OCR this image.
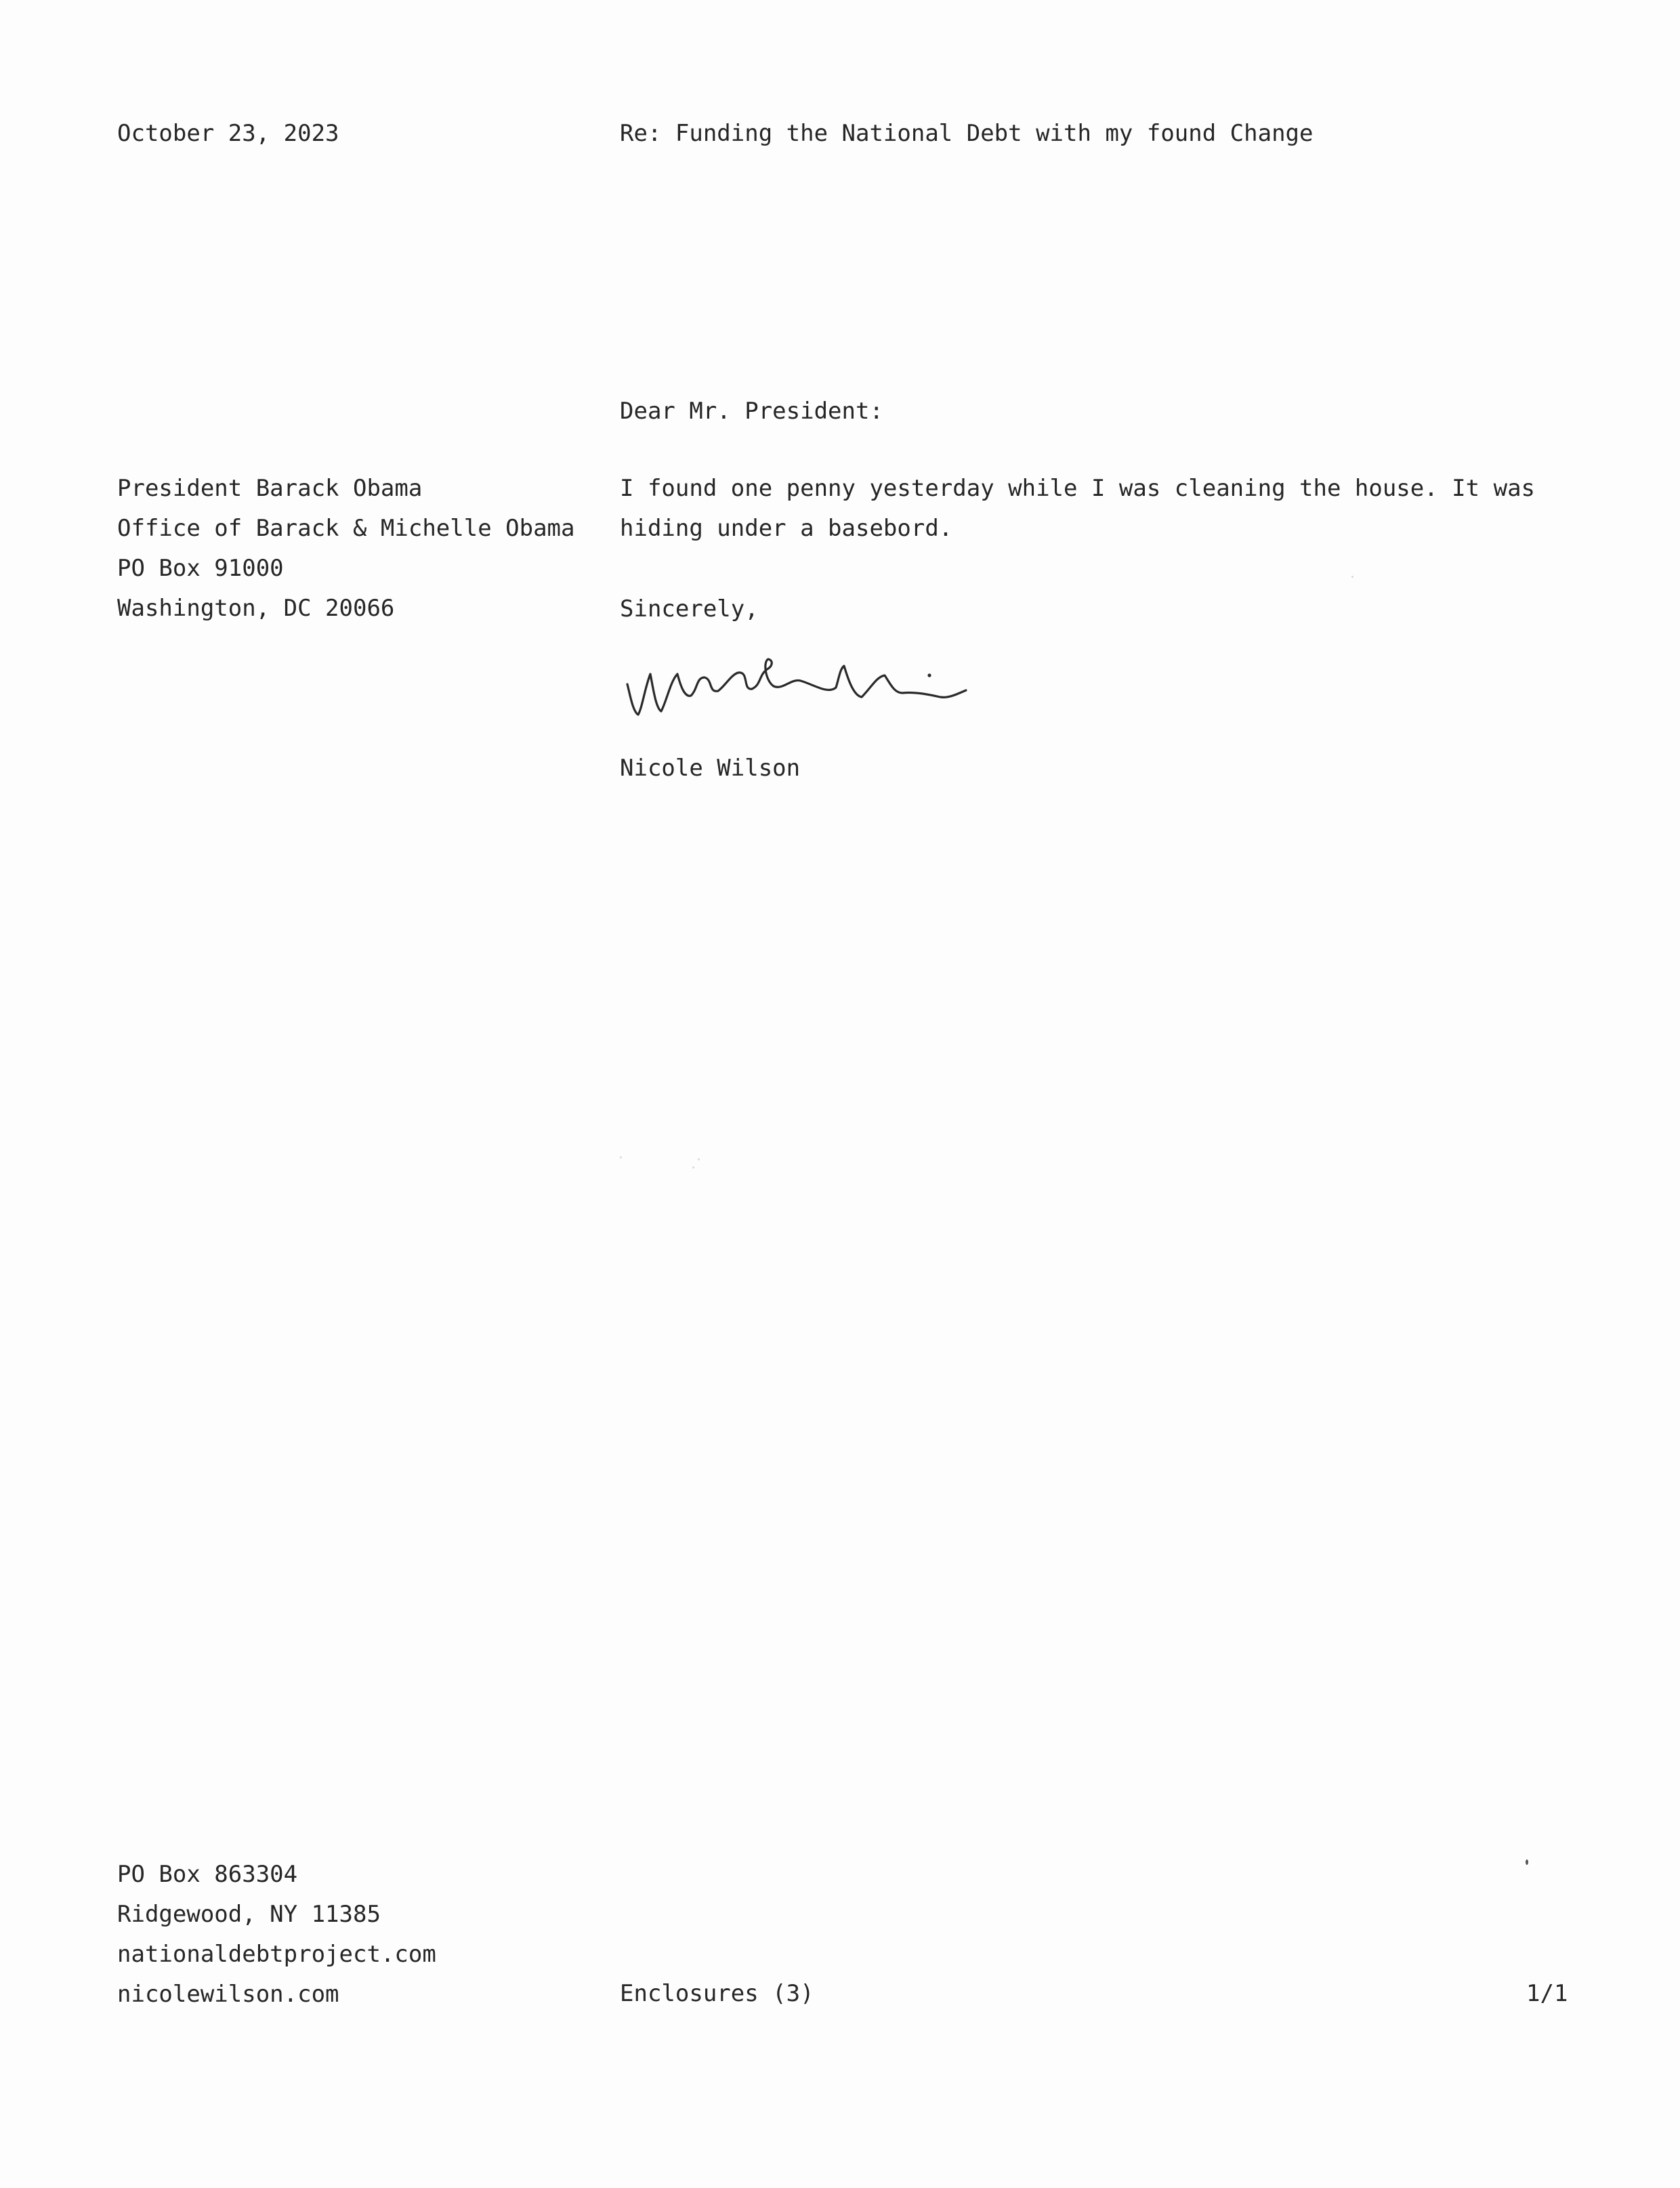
October 23, 2023	Re: Funding the National Debt with my found Change
Dear Mr. President:
President Barack Obama
Office of Barack & Michelle Obama
PO Box 91000
Washington, DC 20066
I found one penny yesterday while I was cleaning the house. It was
hiding under a basebord.
Sincerely,
Nicole Wilson
PO Box 863304
Ridgewood, NY 11385
nationaldebtproject.com
nicolewilson.com	Enclosures (3)	1/1
